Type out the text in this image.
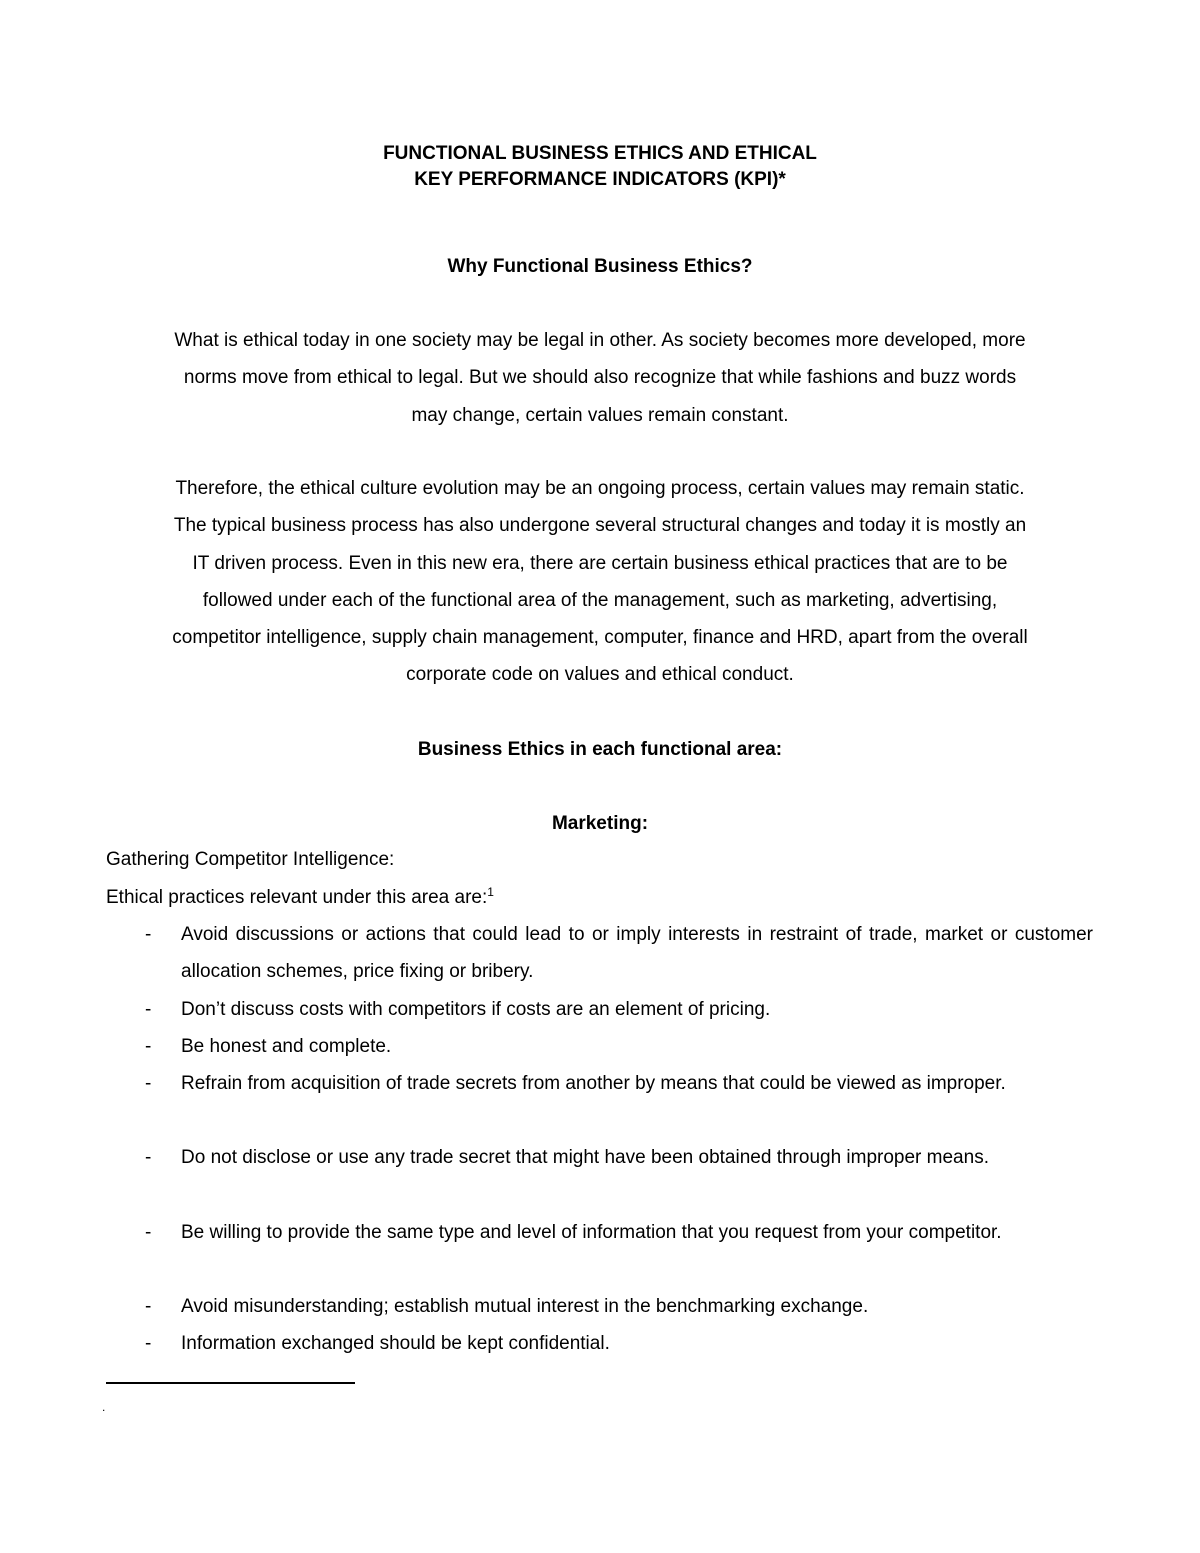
FUNCTIONAL BUSINESS ETHICS AND ETHICAL
KEY PERFORMANCE INDICATORS (KPI)*
Why Functional Business Ethics?
What is ethical today in one society may be legal in other. As society becomes more developed, more
norms move from ethical to legal. But we should also recognize that while fashions and buzz words
may change, certain values remain constant.
Therefore, the ethical culture evolution may be an ongoing process, certain values may remain static.
The typical business process has also undergone several structural changes and today it is mostly an
IT driven process. Even in this new era, there are certain business ethical practices that are to be
followed under each of the functional area of the management, such as marketing, advertising,
competitor intelligence, supply chain management, computer, finance and HRD, apart from the overall
corporate code on values and ethical conduct.
Business Ethics in each functional area:
Marketing:
Gathering Competitor Intelligence:
Ethical practices relevant under this area are:$^1$
- Avoid discussions or actions that could lead to or imply interests in restraint of trade, market or customer allocation schemes, price fixing or bribery.
- Don’t discuss costs with competitors if costs are an element of pricing.
- Be honest and complete.
- Refrain from acquisition of trade secrets from another by means that could be viewed as improper.
- Do not disclose or use any trade secret that might have been obtained through improper means.
- Be willing to provide the same type and level of information that you request from your competitor.
- Avoid misunderstanding; establish mutual interest in the benchmarking exchange.
- Information exchanged should be kept confidential.
.
